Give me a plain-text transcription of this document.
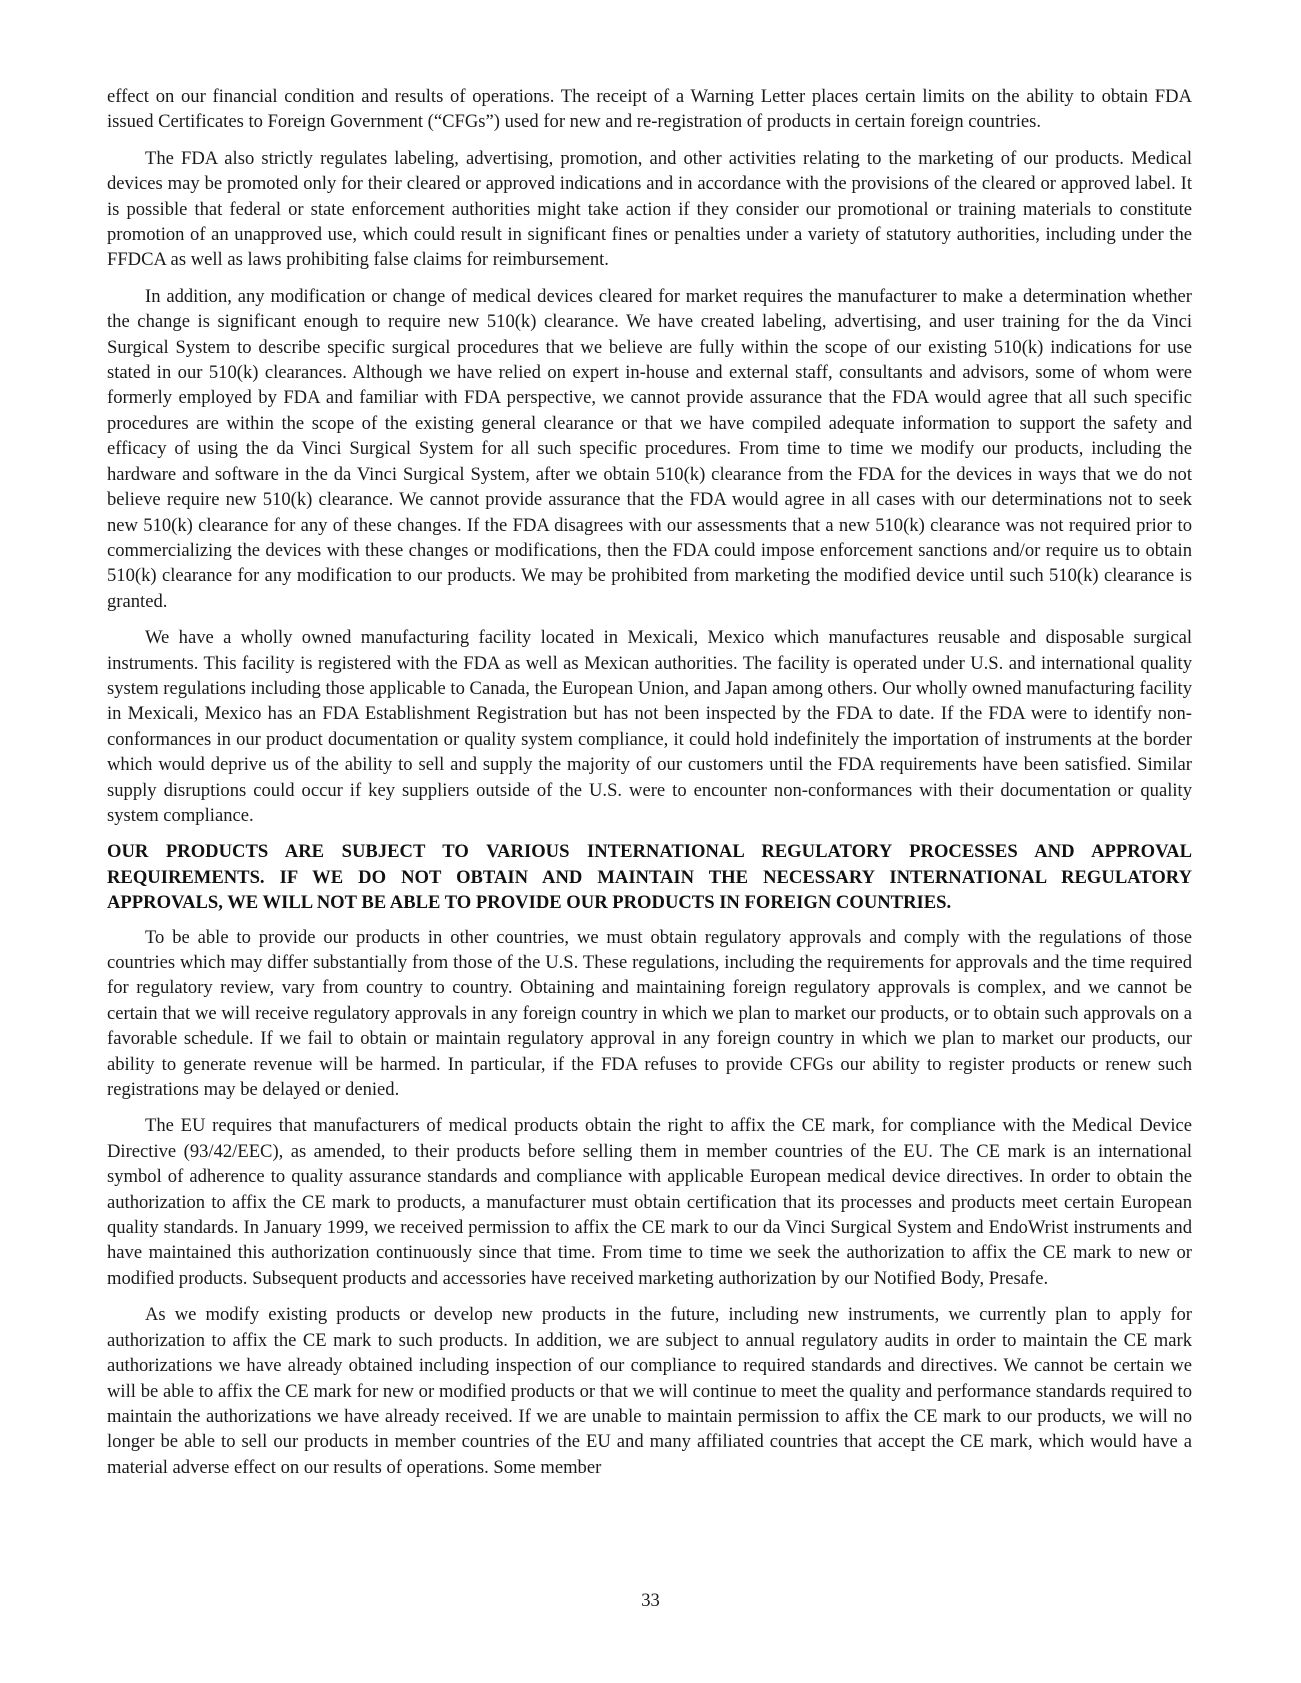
effect on our financial condition and results of operations. The receipt of a Warning Letter places certain limits on the ability to obtain FDA issued Certificates to Foreign Government (“CFGs”) used for new and re-registration of products in certain foreign countries.

The FDA also strictly regulates labeling, advertising, promotion, and other activities relating to the marketing of our products. Medical devices may be promoted only for their cleared or approved indications and in accordance with the provisions of the cleared or approved label. It is possible that federal or state enforcement authorities might take action if they consider our promotional or training materials to constitute promotion of an unapproved use, which could result in significant fines or penalties under a variety of statutory authorities, including under the FFDCA as well as laws prohibiting false claims for reimbursement.

In addition, any modification or change of medical devices cleared for market requires the manufacturer to make a determination whether the change is significant enough to require new 510(k) clearance. We have created labeling, advertising, and user training for the da Vinci Surgical System to describe specific surgical procedures that we believe are fully within the scope of our existing 510(k) indications for use stated in our 510(k) clearances. Although we have relied on expert in-house and external staff, consultants and advisors, some of whom were formerly employed by FDA and familiar with FDA perspective, we cannot provide assurance that the FDA would agree that all such specific procedures are within the scope of the existing general clearance or that we have compiled adequate information to support the safety and efficacy of using the da Vinci Surgical System for all such specific procedures. From time to time we modify our products, including the hardware and software in the da Vinci Surgical System, after we obtain 510(k) clearance from the FDA for the devices in ways that we do not believe require new 510(k) clearance. We cannot provide assurance that the FDA would agree in all cases with our determinations not to seek new 510(k) clearance for any of these changes. If the FDA disagrees with our assessments that a new 510(k) clearance was not required prior to commercializing the devices with these changes or modifications, then the FDA could impose enforcement sanctions and/or require us to obtain 510(k) clearance for any modification to our products. We may be prohibited from marketing the modified device until such 510(k) clearance is granted.

We have a wholly owned manufacturing facility located in Mexicali, Mexico which manufactures reusable and disposable surgical instruments. This facility is registered with the FDA as well as Mexican authorities. The facility is operated under U.S. and international quality system regulations including those applicable to Canada, the European Union, and Japan among others. Our wholly owned manufacturing facility in Mexicali, Mexico has an FDA Establishment Registration but has not been inspected by the FDA to date. If the FDA were to identify non-conformances in our product documentation or quality system compliance, it could hold indefinitely the importation of instruments at the border which would deprive us of the ability to sell and supply the majority of our customers until the FDA requirements have been satisfied. Similar supply disruptions could occur if key suppliers outside of the U.S. were to encounter non-conformances with their documentation or quality system compliance.

OUR PRODUCTS ARE SUBJECT TO VARIOUS INTERNATIONAL REGULATORY PROCESSES AND APPROVAL REQUIREMENTS. IF WE DO NOT OBTAIN AND MAINTAIN THE NECESSARY INTERNATIONAL REGULATORY APPROVALS, WE WILL NOT BE ABLE TO PROVIDE OUR PRODUCTS IN FOREIGN COUNTRIES.

To be able to provide our products in other countries, we must obtain regulatory approvals and comply with the regulations of those countries which may differ substantially from those of the U.S. These regulations, including the requirements for approvals and the time required for regulatory review, vary from country to country. Obtaining and maintaining foreign regulatory approvals is complex, and we cannot be certain that we will receive regulatory approvals in any foreign country in which we plan to market our products, or to obtain such approvals on a favorable schedule. If we fail to obtain or maintain regulatory approval in any foreign country in which we plan to market our products, our ability to generate revenue will be harmed. In particular, if the FDA refuses to provide CFGs our ability to register products or renew such registrations may be delayed or denied.

The EU requires that manufacturers of medical products obtain the right to affix the CE mark, for compliance with the Medical Device Directive (93/42/EEC), as amended, to their products before selling them in member countries of the EU. The CE mark is an international symbol of adherence to quality assurance standards and compliance with applicable European medical device directives. In order to obtain the authorization to affix the CE mark to products, a manufacturer must obtain certification that its processes and products meet certain European quality standards. In January 1999, we received permission to affix the CE mark to our da Vinci Surgical System and EndoWrist instruments and have maintained this authorization continuously since that time. From time to time we seek the authorization to affix the CE mark to new or modified products. Subsequent products and accessories have received marketing authorization by our Notified Body, Presafe.

As we modify existing products or develop new products in the future, including new instruments, we currently plan to apply for authorization to affix the CE mark to such products. In addition, we are subject to annual regulatory audits in order to maintain the CE mark authorizations we have already obtained including inspection of our compliance to required standards and directives. We cannot be certain we will be able to affix the CE mark for new or modified products or that we will continue to meet the quality and performance standards required to maintain the authorizations we have already received. If we are unable to maintain permission to affix the CE mark to our products, we will no longer be able to sell our products in member countries of the EU and many affiliated countries that accept the CE mark, which would have a material adverse effect on our results of operations. Some member

33
